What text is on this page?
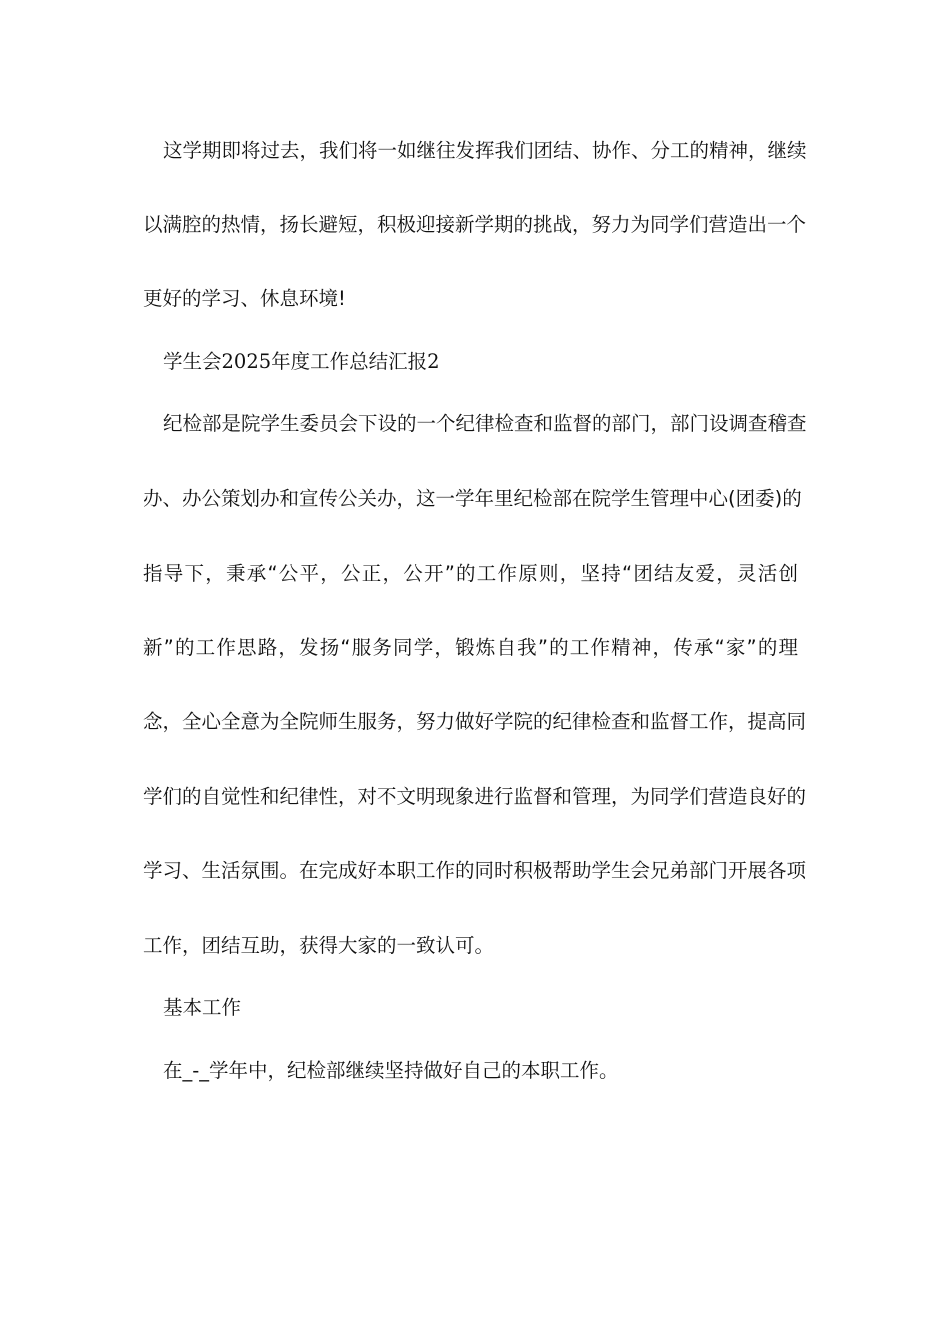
这学期即将过去，我们将一如继往发挥我们团结、协作、分工的精神，继续
以满腔的热情，扬长避短，积极迎接新学期的挑战，努力为同学们营造出一个
更好的学习、休息环境!
学生会2025年度工作总结汇报2
纪检部是院学生委员会下设的一个纪律检查和监督的部门，部门设调查稽查
办、办公策划办和宣传公关办，这一学年里纪检部在院学生管理中心(团委)的
指导下，秉承“公平，公正，公开”的工作原则，坚持“团结友爱，灵活创
新”的工作思路，发扬“服务同学，锻炼自我”的工作精神，传承“家”的理
念，全心全意为全院师生服务，努力做好学院的纪律检查和监督工作，提高同
学们的自觉性和纪律性，对不文明现象进行监督和管理，为同学们营造良好的
学习、生活氛围。在完成好本职工作的同时积极帮助学生会兄弟部门开展各项
工作，团结互助，获得大家的一致认可。
基本工作
在_-_学年中，纪检部继续坚持做好自己的本职工作。
